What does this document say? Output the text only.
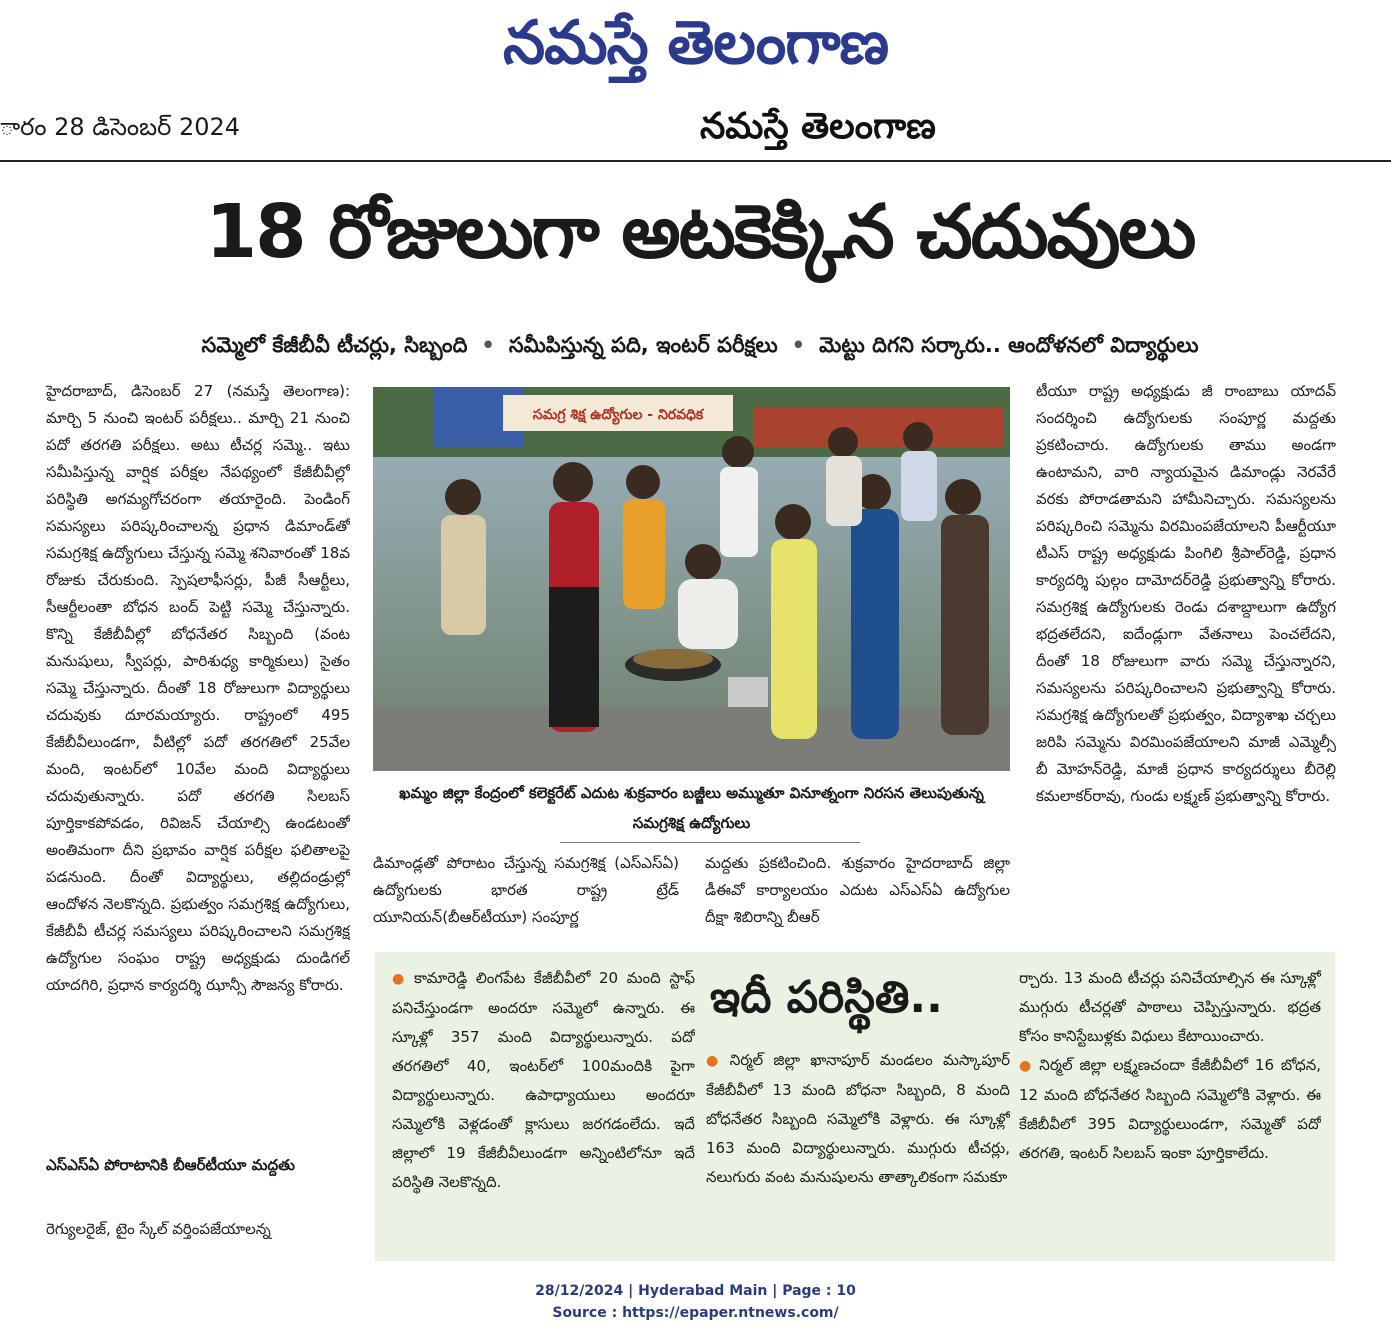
నమస్తే తెలంగాణ
ారం 28 డిసెంబర్ 2024	నమస్తే తెలంగాణ
18 రోజులుగా అటకెక్కిన చదువులు
సమ్మెలో కేజీబీవీ టీచర్లు, సిబ్బంది • సమీపిస్తున్న పది, ఇంటర్ పరీక్షలు • మెట్టు దిగని సర్కారు.. ఆందోళనలో విద్యార్థులు

హైదరాబాద్, డిసెంబర్ 27 (నమస్తే తెలంగాణ): మార్చి 5 నుంచి ఇంటర్ పరీక్షలు.. మార్చి 21 నుంచి పదో తరగతి పరీక్షలు. అటు టీచర్ల సమ్మె.. ఇటు సమీపిస్తున్న వార్షిక పరీక్షల నేపథ్యంలో కేజీబీవీల్లో పరిస్థితి అగమ్యగోచరంగా తయారైంది. పెండింగ్ సమస్యలు పరిష్కరించాలన్న ప్రధాన డిమాండ్‌తో సమగ్రశిక్ష ఉద్యోగులు చేస్తున్న సమ్మె శనివారంతో 18వ రోజుకు చేరుకుంది. స్పెషలాఫీసర్లు, పీజీ సీఆర్టీలు, సీఆర్టీలంతా బోధన బంద్ పెట్టి సమ్మె చేస్తున్నారు. కొన్ని కేజీబీవీల్లో బోధనేతర సిబ్బంది (వంట మనుషులు, స్వీపర్లు, పారిశుధ్య కార్మికులు) సైతం సమ్మె చేస్తున్నారు. దీంతో 18 రోజులుగా విద్యార్థులు చదువుకు దూరమయ్యారు. రాష్ట్రంలో 495 కేజీబీవీలుండగా, వీటిల్లో పదో తరగతిలో 25వేల మంది, ఇంటర్‌లో 10వేల మంది విద్యార్థులు చదువుతున్నారు. పదో తరగతి సిలబస్ పూర్తికాకపోవడం, రివిజన్ చేయాల్సి ఉండటంతో అంతిమంగా దీని ప్రభావం వార్షిక పరీక్షల ఫలితాలపై పడనుంది. దీంతో విద్యార్థులు, తల్లిదండ్రుల్లో ఆందోళన నెలకొన్నది. ప్రభుత్వం సమగ్రశిక్ష ఉద్యోగులు, కేజీబీవీ టీచర్ల సమస్యలు పరిష్కరించాలని సమగ్రశిక్ష ఉద్యోగుల సంఘం రాష్ట్ర అధ్యక్షుడు దుండిగల్ యాదగిరి, ప్రధాన కార్యదర్శి ఝాన్సీ సౌజన్య కోరారు.

ఎస్ఎస్ఏ పోరాటానికి బీఆర్‌టీయూ మద్దతు
రెగ్యులరైజ్, టైం స్కేల్ వర్తింపజేయాలన్న
సమగ్ర శిక్ష ఉద్యోగుల - నిరవధిక
ఖమ్మం జిల్లా కేంద్రంలో కలెక్టరేట్ ఎదుట శుక్రవారం బజ్జీలు అమ్ముతూ వినూత్నంగా నిరసన తెలుపుతున్న సమగ్రశిక్ష ఉద్యోగులు
డిమాండ్లతో పోరాటం చేస్తున్న సమగ్రశిక్ష (ఎస్ఎస్ఏ) ఉద్యోగులకు భారత రాష్ట్ర ట్రేడ్ యూనియన్(బీఆర్‌టీయూ) సంపూర్ణ
మద్దతు ప్రకటించింది. శుక్రవారం హైదరాబాద్ జిల్లా డీఈవో కార్యాలయం ఎదుట ఎస్ఎస్ఏ ఉద్యోగుల దీక్షా శిబిరాన్ని బీఆర్
టీయూ రాష్ట్ర అధ్యక్షుడు జీ రాంబాబు యాదవ్ సందర్శించి ఉద్యోగులకు సంపూర్ణ మద్దతు ప్రకటించారు. ఉద్యోగులకు తాము అండగా ఉంటామని, వారి న్యాయమైన డిమాండ్లు నెరవేరే వరకు పోరాడతామని హామీనిచ్చారు. సమస్యలను పరిష్కరించి సమ్మెను విరమింపజేయాలని పీఆర్టీయూ టీఎస్ రాష్ట్ర అధ్యక్షుడు పింగిలి శ్రీపాల్‌రెడ్డి, ప్రధాన కార్యదర్శి పుల్గం దామోదర్‌రెడ్డి ప్రభుత్వాన్ని కోరారు. సమగ్రశిక్ష ఉద్యోగులకు రెండు దశాబ్దాలుగా ఉద్యోగ భద్రతలేదని, ఐదేండ్లుగా వేతనాలు పెంచలేదని, దీంతో 18 రోజులుగా వారు సమ్మె చేస్తున్నారని, సమస్యలను పరిష్కరించాలని ప్రభుత్వాన్ని కోరారు. సమగ్రశిక్ష ఉద్యోగులతో ప్రభుత్వం, విద్యాశాఖ చర్చలు జరిపి సమ్మెను విరమింపజేయాలని మాజీ ఎమ్మెల్సీ బీ మోహన్‌రెడ్డి, మాజీ ప్రధాన కార్యదర్శులు బీరెల్లి కమలాకర్‌రావు, గుండు లక్ష్మణ్ ప్రభుత్వాన్ని కోరారు.
ఇదీ పరిస్థితి..
● కామారెడ్డి లింగపేట కేజీబీవీలో 20 మంది స్టాఫ్ పనిచేస్తుండగా అందరూ సమ్మెలో ఉన్నారు. ఈ స్కూళ్లో 357 మంది విద్యార్థులున్నారు. పదో తరగతిలో 40, ఇంటర్‌లో 100మందికి పైగా విద్యార్థులున్నారు. ఉపాధ్యాయులు అందరూ సమ్మెలోకి వెళ్లడంతో క్లాసులు జరగడంలేదు. ఇదే జిల్లాలో 19 కేజీబీవీలుండగా అన్నింటిలోనూ ఇదే పరిస్థితి నెలకొన్నది.
● నిర్మల్ జిల్లా ఖానాపూర్ మండలం మస్కాపూర్ కేజీబీవీలో 13 మంది బోధనా సిబ్బంది, 8 మంది బోధనేతర సిబ్బంది సమ్మెలోకి వెళ్లారు. ఈ స్కూళ్లో 163 మంది విద్యార్థులున్నారు. ముగ్గురు టీచర్లు, నలుగురు వంట మనుషులను తాత్కాలికంగా సమకూ
ర్చారు. 13 మంది టీచర్లు పనిచేయాల్సిన ఈ స్కూళ్లో ముగ్గురు టీచర్లతో పాఠాలు చెప్పిస్తున్నారు. భద్రత కోసం కానిస్టేబుళ్లకు విధులు కేటాయించారు.
● నిర్మల్ జిల్లా లక్ష్మణచందా కేజీబీవీలో 16 బోధన, 12 మంది బోధనేతర సిబ్బంది సమ్మెలోకి వెళ్లారు. ఈ కేజీబీవీలో 395 విద్యార్థులుండగా, సమ్మెతో పదో తరగతి, ఇంటర్ సిలబస్ ఇంకా పూర్తికాలేదు.
28/12/2024 | Hyderabad Main | Page : 10
Source : https://epaper.ntnews.com/
